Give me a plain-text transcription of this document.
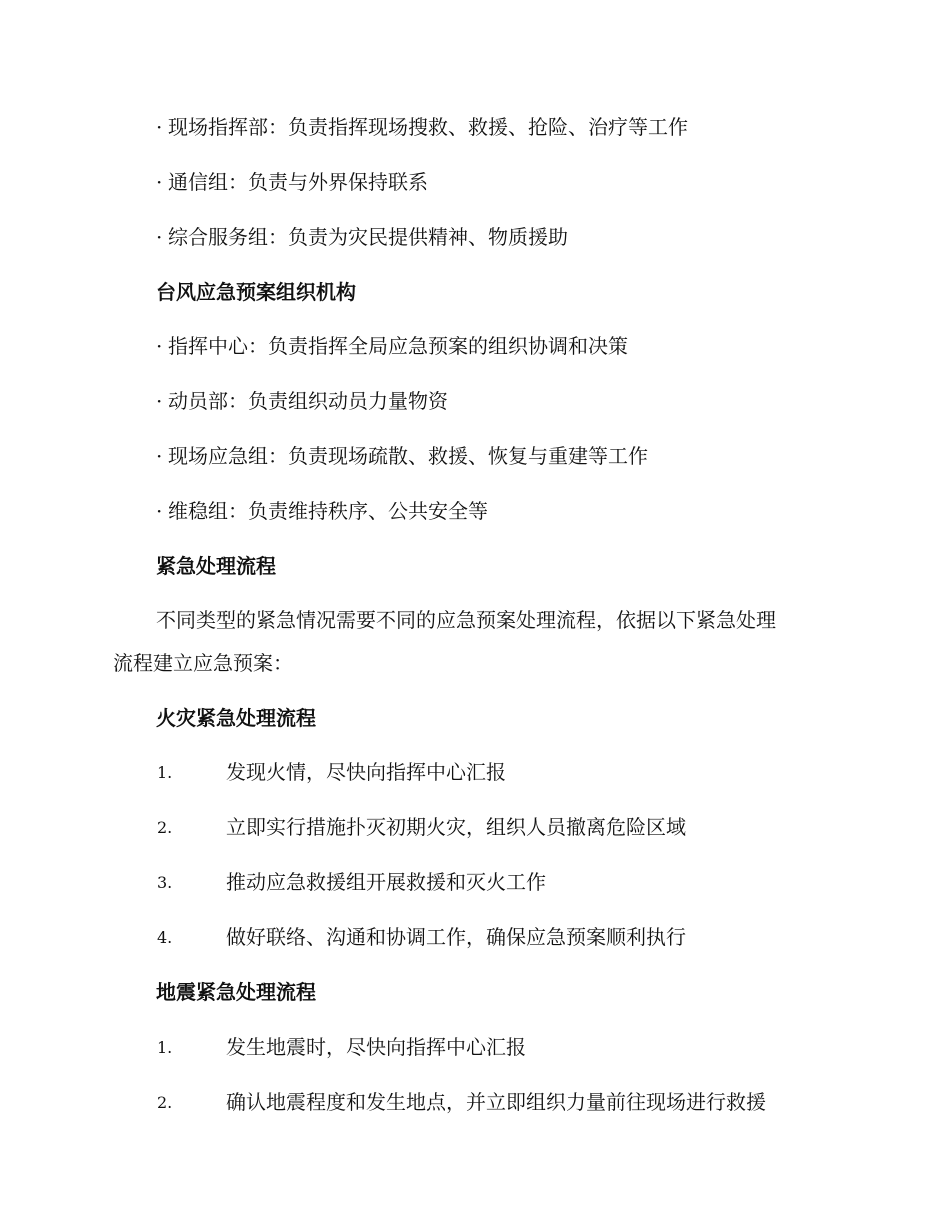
· 现场指挥部：负责指挥现场搜救、救援、抢险、治疗等工作
· 通信组：负责与外界保持联系
· 综合服务组：负责为灾民提供精神、物质援助
台风应急预案组织机构
· 指挥中心：负责指挥全局应急预案的组织协调和决策
· 动员部：负责组织动员力量物资
· 现场应急组：负责现场疏散、救援、恢复与重建等工作
· 维稳组：负责维持秩序、公共安全等
紧急处理流程
不同类型的紧急情况需要不同的应急预案处理流程，依据以下紧急处理
流程建立应急预案：
火灾紧急处理流程
1.	发现火情，尽快向指挥中心汇报
2.	立即实行措施扑灭初期火灾，组织人员撤离危险区域
3.	推动应急救援组开展救援和灭火工作
4.	做好联络、沟通和协调工作，确保应急预案顺利执行
地震紧急处理流程
1.	发生地震时，尽快向指挥中心汇报
2.	确认地震程度和发生地点，并立即组织力量前往现场进行救援
